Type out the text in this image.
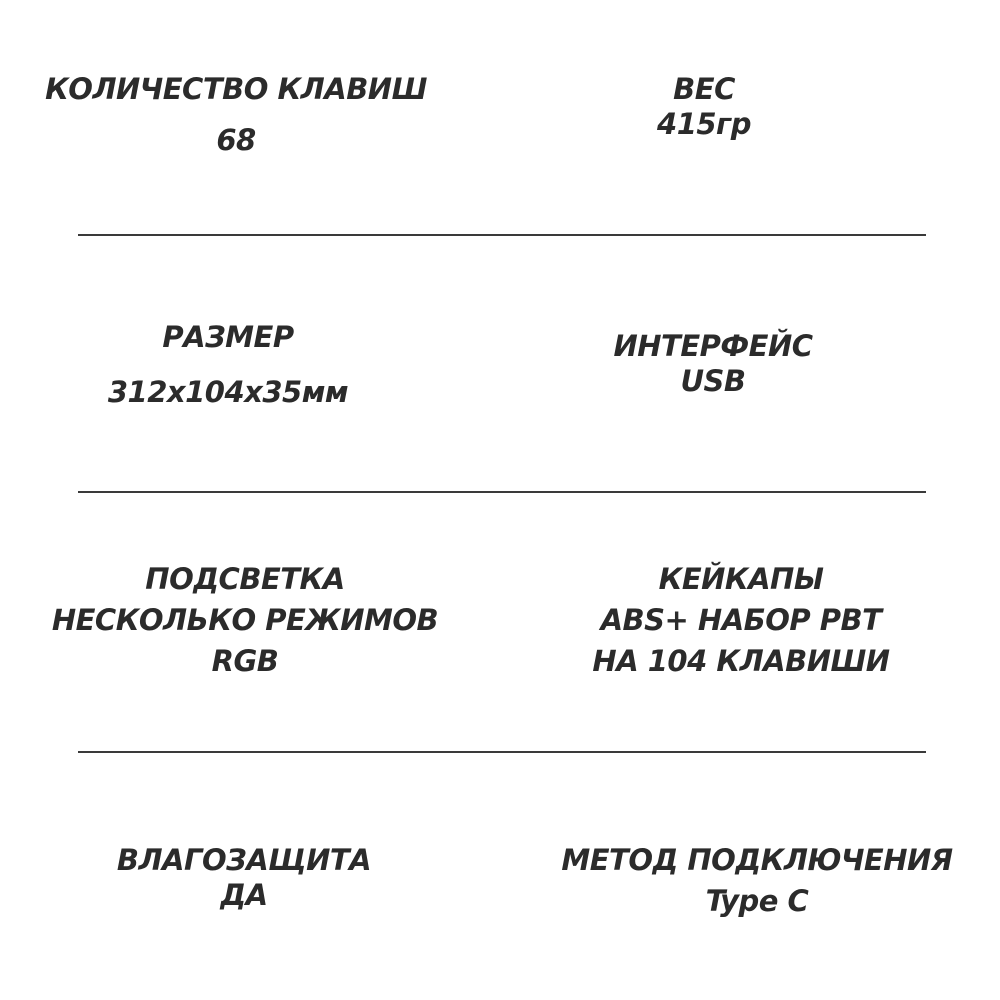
КОЛИЧЕСТВО КЛАВИШ
68
ВЕС
415гр
РАЗМЕР
312x104x35мм
ИНТЕРФЕЙС
USB
ПОДСВЕТКА
НЕСКОЛЬКО РЕЖИМОВ
RGB
КЕЙКАПЫ
ABS+ НАБОР PBT
НА 104 КЛАВИШИ
ВЛАГОЗАЩИТА
ДА
МЕТОД ПОДКЛЮЧЕНИЯ
Type C
